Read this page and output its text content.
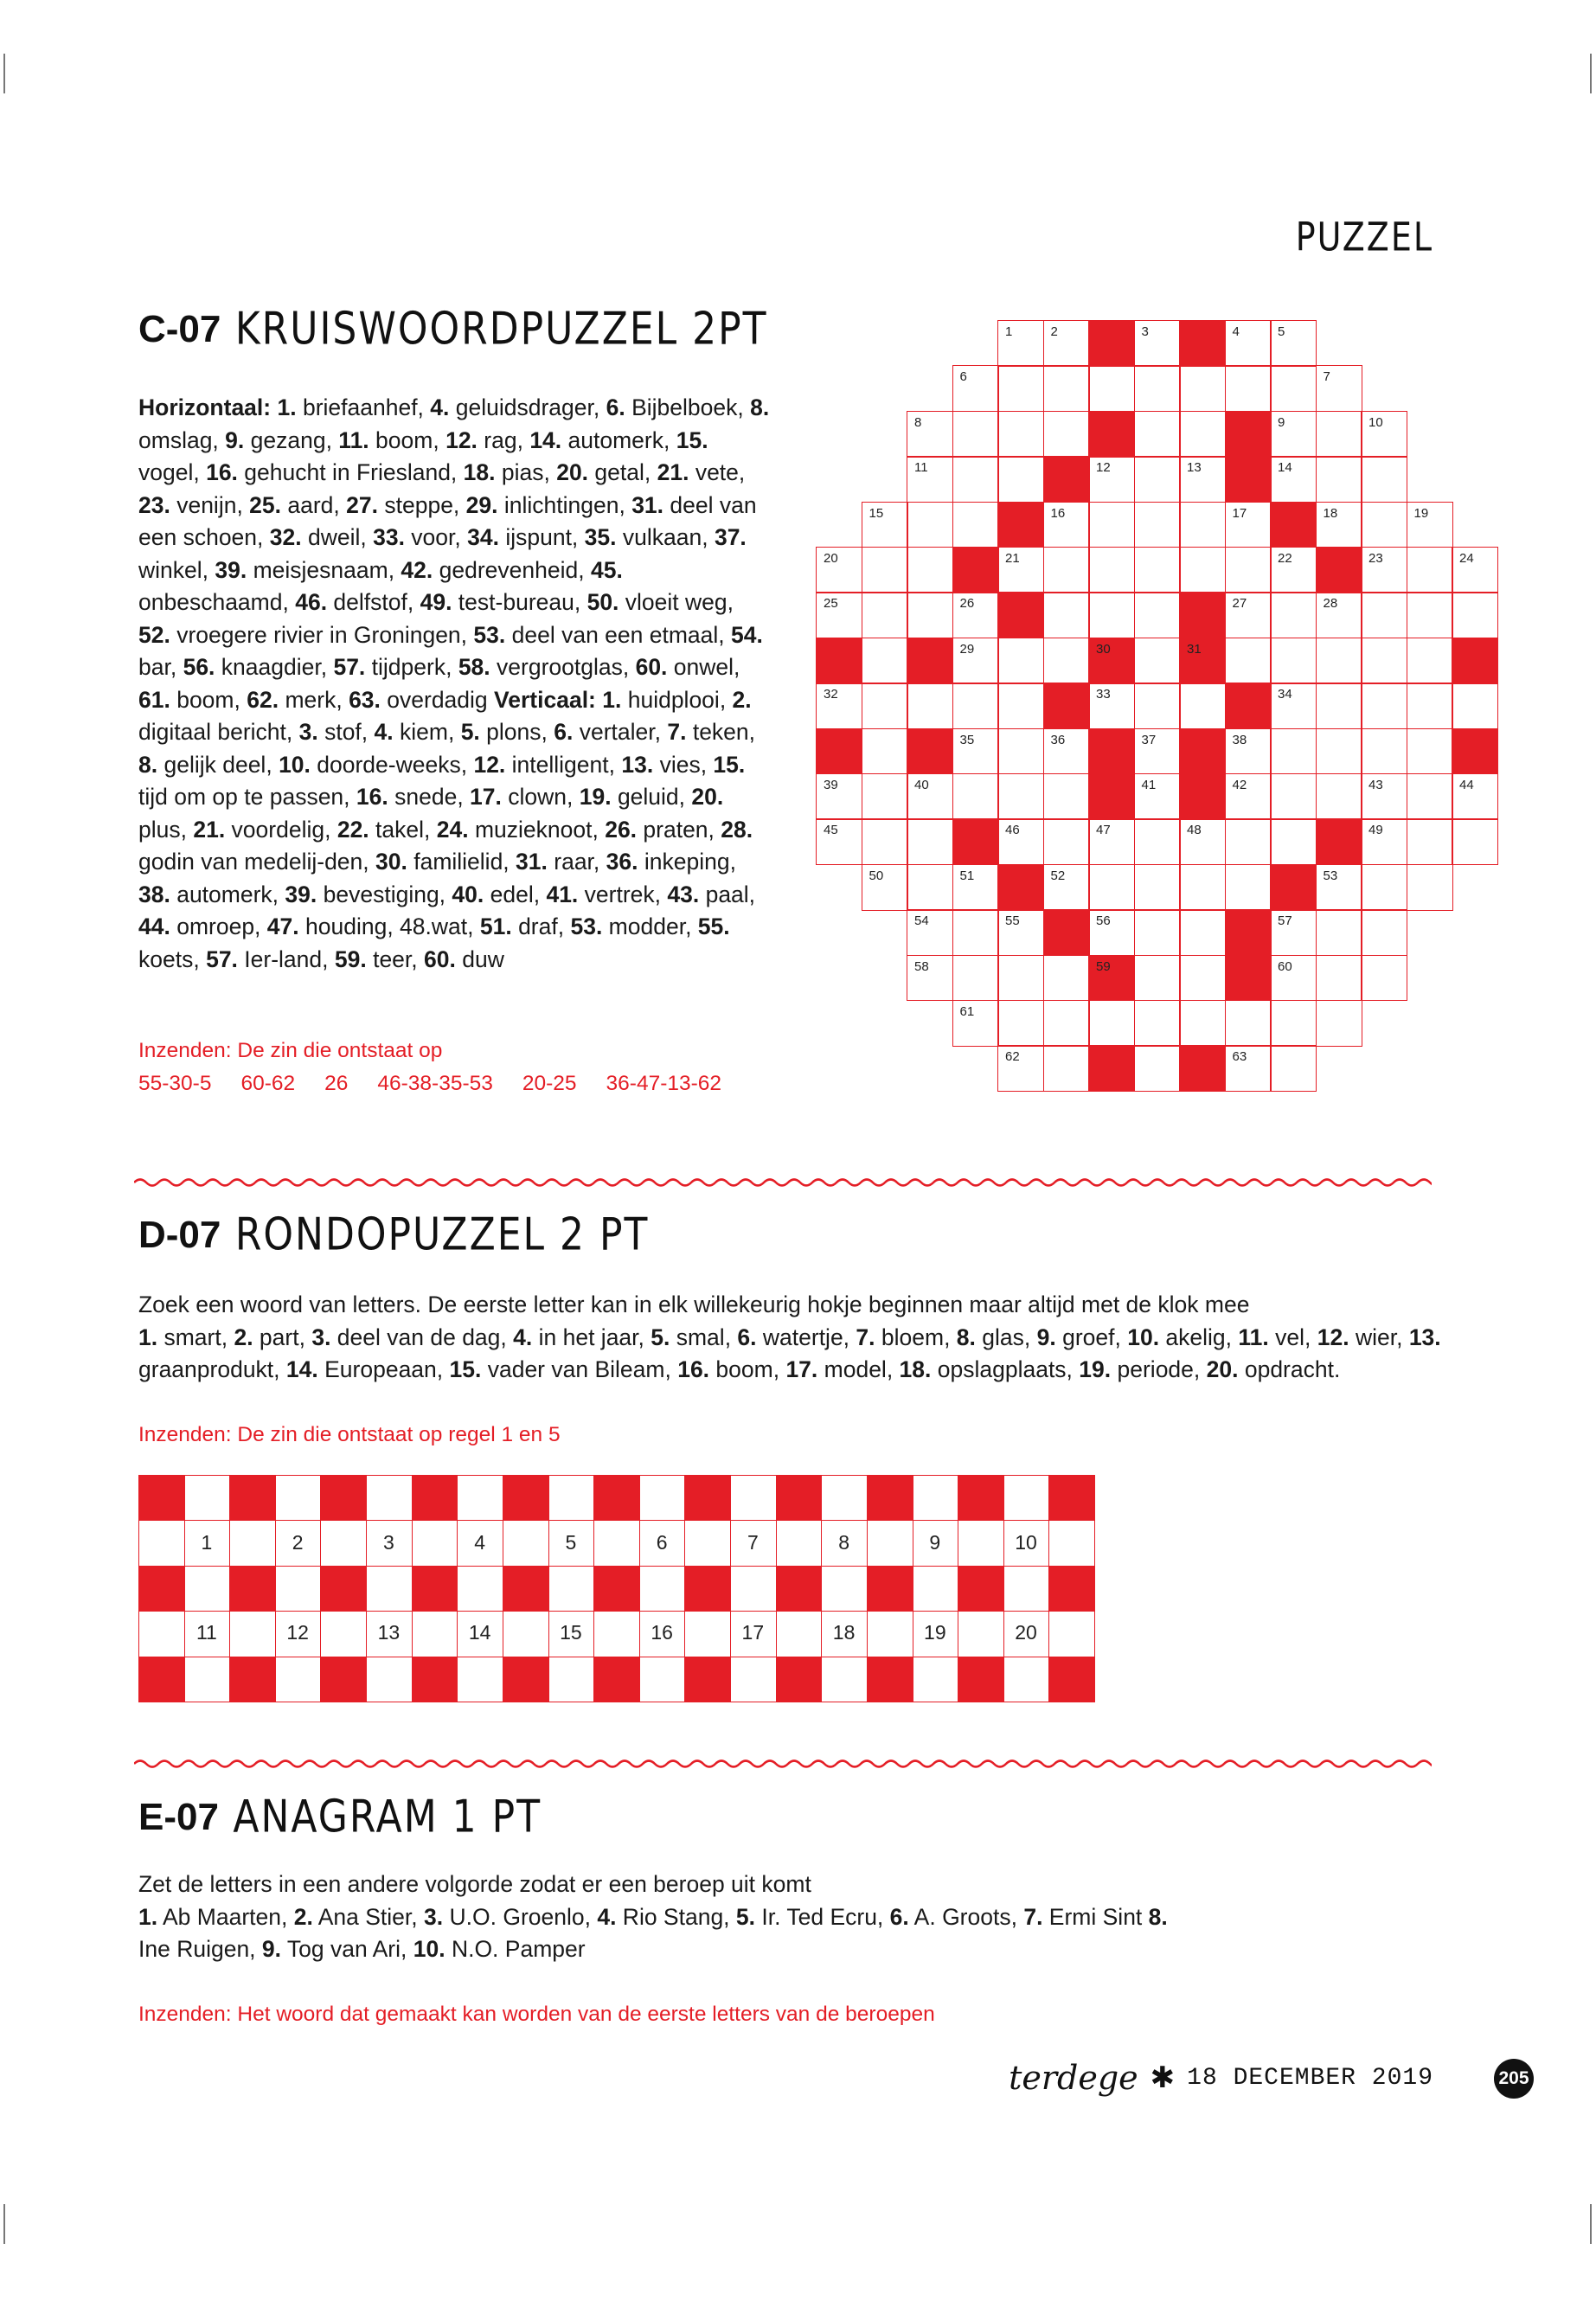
PUZZEL
C-07 KRUISWOORDPUZZEL 2PT
Horizontaal: 1. briefaanhef, 4. geluidsdrager, 6. Bijbelboek, 8. omslag, 9. gezang, 11. boom, 12. rag, 14. automerk, 15. vogel, 16. gehucht in Friesland, 18. pias, 20. getal, 21. vete, 23. venijn, 25. aard, 27. steppe, 29. inlichtingen, 31. deel van een schoen, 32. dweil, 33. voor, 34. ijspunt, 35. vulkaan, 37. winkel, 39. meisjesnaam, 42. gedrevenheid, 45. onbeschaamd, 46. delfstof, 49. test-bureau, 50. vloeit weg, 52. vroegere rivier in Groningen, 53. deel van een etmaal, 54. bar, 56. knaagdier, 57. tijdperk, 58. vergrootglas, 60. onwel, 61. boom, 62. merk, 63. overdadig Verticaal: 1. huidplooi, 2. digitaal bericht, 3. stof, 4. kiem, 5. plons, 6. vertaler, 7. teken, 8. gelijk deel, 10. doorde-weeks, 12. intelligent, 13. vies, 15. tijd om op te passen, 16. snede, 17. clown, 19. geluid, 20. plus, 21. voordelig, 22. takel, 24. muzieknoot, 26. praten, 28. godin van medelij-den, 30. familielid, 31. raar, 36. inkeping, 38. automerk, 39. bevestiging, 40. edel, 41. vertrek, 43. paal, 44. omroep, 47. houding, 48.wat, 51. draf, 53. modder, 55. koets, 57. Ier-land, 59. teer, 60. duw
Inzenden: De zin die ontstaat op
55-30-5 60-62 26 46-38-35-53 20-25 36-47-13-62
1	2	3	4	5
6	7
8	9	10
11	12	13	14
15	16	17	18	19
20	21	22	23	24
25	26	27	28
29	30	31
32	33	34
35	36	37	38
39	40	41	42	43	44
45	46	47	48	49
50	51	52	53
54	55	56	57
58	59	60
61
62	63
D-07 RONDOPUZZEL 2 PT
Zoek een woord van letters. De eerste letter kan in elk willekeurig hokje beginnen maar altijd met de klok mee
1. smart, 2. part, 3. deel van de dag, 4. in het jaar, 5. smal, 6. watertje, 7. bloem, 8. glas, 9. groef, 10. akelig, 11. vel, 12. wier, 13. graanprodukt, 14. Europeaan, 15. vader van Bileam, 16. boom, 17. model, 18. opslagplaats, 19. periode, 20. opdracht.
Inzenden: De zin die ontstaat op regel 1 en 5
1	2	3	4	5	6	7	8	9	10
11	12	13	14	15	16	17	18	19	20
E-07 ANAGRAM 1 PT
Zet de letters in een andere volgorde zodat er een beroep uit komt
1. Ab Maarten, 2. Ana Stier, 3. U.O. Groenlo, 4. Rio Stang, 5. Ir. Ted Ecru, 6. A. Groots, 7. Ermi Sint 8. Ine Ruigen, 9. Tog van Ari, 10. N.O. Pamper
Inzenden: Het woord dat gemaakt kan worden van de eerste letters van de beroepen
terdege ✱ 18 DECEMBER 2019	205
